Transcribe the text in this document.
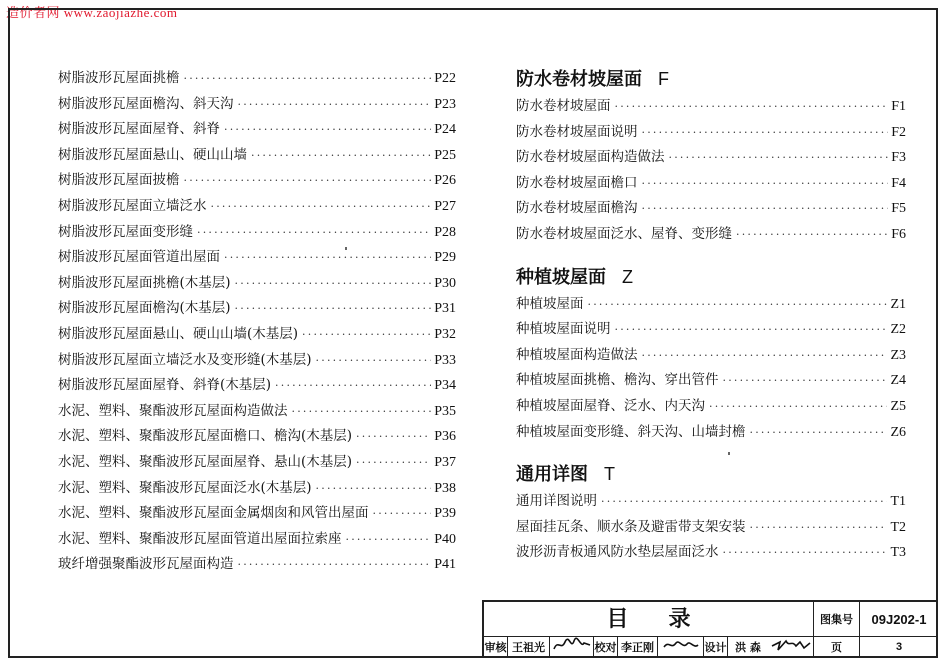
造价者网 www.zaojiazhe.com
树脂波形瓦屋面挑檐 ·····	P22
树脂波形瓦屋面檐沟、斜天沟 ·····	P23
树脂波形瓦屋面屋脊、斜脊 ·····	P24
树脂波形瓦屋面悬山、硬山山墙 ·····	P25
树脂波形瓦屋面披檐 ·····	P26
树脂波形瓦屋面立墙泛水 ·····	P27
树脂波形瓦屋面变形缝 ·····	P28
树脂波形瓦屋面管道出屋面 ·····	P29
树脂波形瓦屋面挑檐(木基层) ·····	P30
树脂波形瓦屋面檐沟(木基层) ·····	P31
树脂波形瓦屋面悬山、硬山山墙(木基层) ·····	P32
树脂波形瓦屋面立墙泛水及变形缝(木基层) ·····	P33
树脂波形瓦屋面屋脊、斜脊(木基层) ·····	P34
水泥、塑料、聚酯波形瓦屋面构造做法 ·····	P35
水泥、塑料、聚酯波形瓦屋面檐口、檐沟(木基层) ·····	P36
水泥、塑料、聚酯波形瓦屋面屋脊、悬山(木基层) ·····	P37
水泥、塑料、聚酯波形瓦屋面泛水(木基层) ·····	P38
水泥、塑料、聚酯波形瓦屋面金属烟囱和风管出屋面 ·····	P39
水泥、塑料、聚酯波形瓦屋面管道出屋面拉索座 ·····	P40
玻纤增强聚酯波形瓦屋面构造 ·····	P41
防水卷材坡屋面 F
防水卷材坡屋面 ·····	F1
防水卷材坡屋面说明 ·····	F2
防水卷材坡屋面构造做法 ·····	F3
防水卷材坡屋面檐口 ·····	F4
防水卷材坡屋面檐沟 ·····	F5
防水卷材坡屋面泛水、屋脊、变形缝 ·····	F6
种植坡屋面 Z
种植坡屋面 ·····	Z1
种植坡屋面说明 ·····	Z2
种植坡屋面构造做法 ·····	Z3
种植坡屋面挑檐、檐沟、穿出管件 ·····	Z4
种植坡屋面屋脊、泛水、内天沟 ·····	Z5
种植坡屋面变形缝、斜天沟、山墙封檐 ·····	Z6
通用详图 T
通用详图说明 ·····	T1
屋面挂瓦条、顺水条及避雷带支架安装 ·····	T2
波形沥青板通风防水垫层屋面泛水 ·····	T3
目录	图集号	09J202-1
审核 王祖光	校对 李正刚	设计 洪 森	页	3
